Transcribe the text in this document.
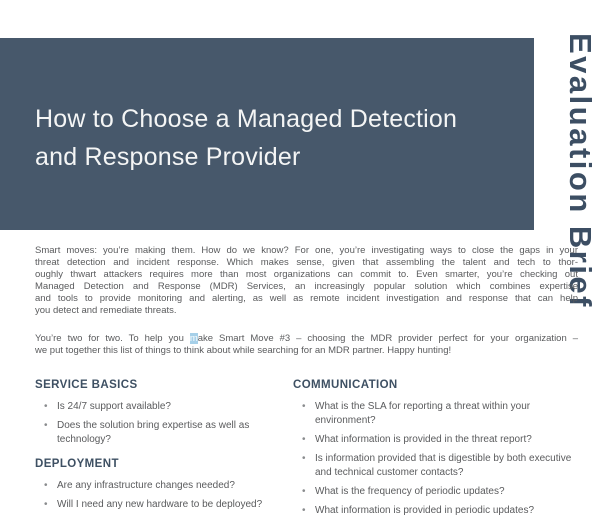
How to Choose a Managed Detection
and Response Provider	Evaluation Brief
Smart moves: you’re making them. How do we know? For one, you’re investigating ways to close the gaps in your
threat detection and incident response. Which makes sense, given that assembling the talent and tech to thor-
oughly thwart attackers requires more than most organizations can commit to. Even smarter, you’re checking out
Managed Detection and Response (MDR) Services, an increasingly popular solution which combines expertise
and tools to provide monitoring and alerting, as well as remote incident investigation and response that can help
you detect and remediate threats.
You’re two for two. To help you make Smart Move #3 – choosing the MDR provider perfect for your organization –
we put together this list of things to think about while searching for an MDR partner. Happy hunting!
SERVICE BASICS
•
Is 24/7 support available?
•
Does the solution bring expertise as well as technology?
DEPLOYMENT
•
Are any infrastructure changes needed?
•
Will I need any new hardware to be deployed?
COMMUNICATION
•
What is the SLA for reporting a threat within your environment?
•
What information is provided in the threat report?
•
Is information provided that is digestible by both executive and technical customer contacts?
•
What is the frequency of periodic updates?
•
What information is provided in periodic updates?
